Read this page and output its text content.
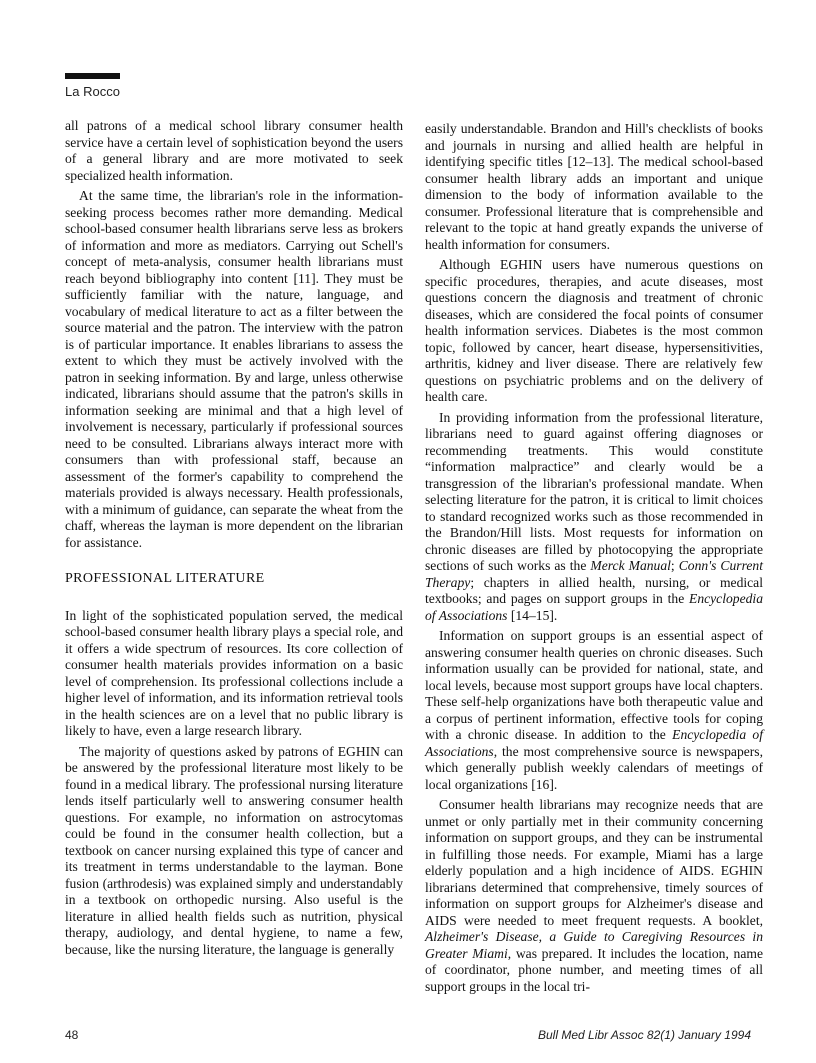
La Rocco

all patrons of a medical school library consumer health service have a certain level of sophistication beyond the users of a general library and are more motivated to seek specialized health information.

At the same time, the librarian's role in the information-seeking process becomes rather more demanding. Medical school-based consumer health librarians serve less as brokers of information and more as mediators. Carrying out Schell's concept of meta-analysis, consumer health librarians must reach beyond bibliography into content [11]. They must be sufficiently familiar with the nature, language, and vocabulary of medical literature to act as a filter between the source material and the patron. The interview with the patron is of particular importance. It enables librarians to assess the extent to which they must be actively involved with the patron in seeking information. By and large, unless otherwise indicated, librarians should assume that the patron's skills in information seeking are minimal and that a high level of involvement is necessary, particularly if professional sources need to be consulted. Librarians always interact more with consumers than with professional staff, because an assessment of the former's capability to comprehend the materials provided is always necessary. Health professionals, with a minimum of guidance, can separate the wheat from the chaff, whereas the layman is more dependent on the librarian for assistance.

PROFESSIONAL LITERATURE

In light of the sophisticated population served, the medical school-based consumer health library plays a special role, and it offers a wide spectrum of resources. Its core collection of consumer health materials provides information on a basic level of comprehension. Its professional collections include a higher level of information, and its information retrieval tools in the health sciences are on a level that no public library is likely to have, even a large research library.

The majority of questions asked by patrons of EGHIN can be answered by the professional literature most likely to be found in a medical library. The professional nursing literature lends itself particularly well to answering consumer health questions. For example, no information on astrocytomas could be found in the consumer health collection, but a textbook on cancer nursing explained this type of cancer and its treatment in terms understandable to the layman. Bone fusion (arthrodesis) was explained simply and understandably in a textbook on orthopedic nursing. Also useful is the literature in allied health fields such as nutrition, physical therapy, audiology, and dental hygiene, to name a few, because, like the nursing literature, the language is generally

easily understandable. Brandon and Hill's checklists of books and journals in nursing and allied health are helpful in identifying specific titles [12–13]. The medical school-based consumer health library adds an important and unique dimension to the body of information available to the consumer. Professional literature that is comprehensible and relevant to the topic at hand greatly expands the universe of health information for consumers.

Although EGHIN users have numerous questions on specific procedures, therapies, and acute diseases, most questions concern the diagnosis and treatment of chronic diseases, which are considered the focal points of consumer health information services. Diabetes is the most common topic, followed by cancer, heart disease, hypersensitivities, arthritis, kidney and liver disease. There are relatively few questions on psychiatric problems and on the delivery of health care.

In providing information from the professional literature, librarians need to guard against offering diagnoses or recommending treatments. This would constitute “information malpractice” and clearly would be a transgression of the librarian's professional mandate. When selecting literature for the patron, it is critical to limit choices to standard recognized works such as those recommended in the Brandon/Hill lists. Most requests for information on chronic diseases are filled by photocopying the appropriate sections of such works as the Merck Manual; Conn's Current Therapy; chapters in allied health, nursing, or medical textbooks; and pages on support groups in the Encyclopedia of Associations [14–15].

Information on support groups is an essential aspect of answering consumer health queries on chronic diseases. Such information usually can be provided for national, state, and local levels, because most support groups have local chapters. These self-help organizations have both therapeutic value and a corpus of pertinent information, effective tools for coping with a chronic disease. In addition to the Encyclopedia of Associations, the most comprehensive source is newspapers, which generally publish weekly calendars of meetings of local organizations [16].

Consumer health librarians may recognize needs that are unmet or only partially met in their community concerning information on support groups, and they can be instrumental in fulfilling those needs. For example, Miami has a large elderly population and a high incidence of AIDS. EGHIN librarians determined that comprehensive, timely sources of information on support groups for Alzheimer's disease and AIDS were needed to meet frequent requests. A booklet, Alzheimer's Disease, a Guide to Caregiving Resources in Greater Miami, was prepared. It includes the location, name of coordinator, phone number, and meeting times of all support groups in the local tri-

48	Bull Med Libr Assoc 82(1) January 1994
